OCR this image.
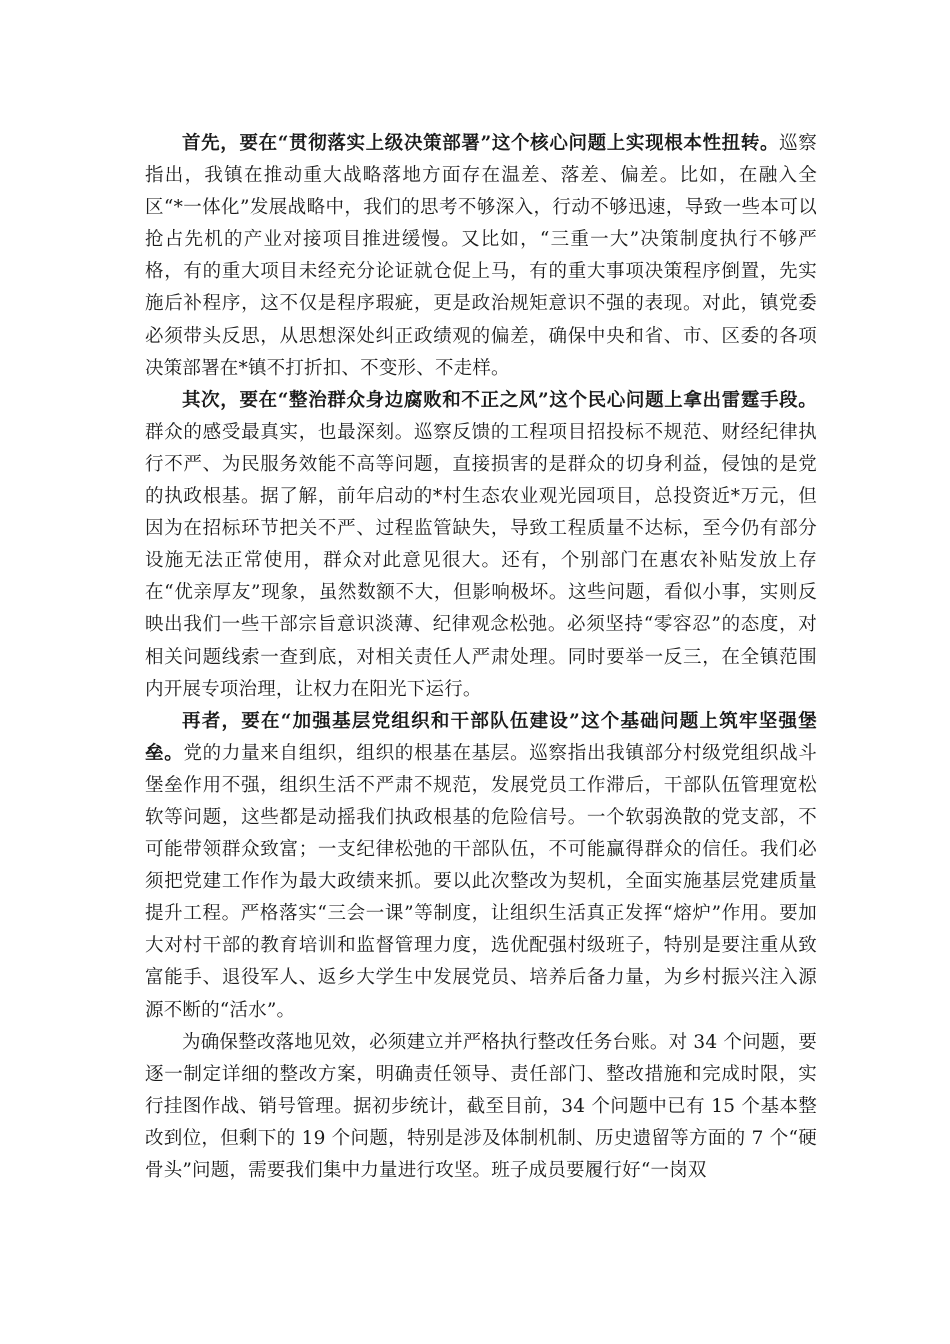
首先，要在“贯彻落实上级决策部署”这个核心问题上实现根本性扭转。巡察指出，我镇在推动重大战略落地方面存在温差、落差、偏差。比如，在融入全区“*一体化”发展战略中，我们的思考不够深入，行动不够迅速，导致一些本可以抢占先机的产业对接项目推进缓慢。又比如，“三重一大”决策制度执行不够严格，有的重大项目未经充分论证就仓促上马，有的重大事项决策程序倒置，先实施后补程序，这不仅是程序瑕疵，更是政治规矩意识不强的表现。对此，镇党委必须带头反思，从思想深处纠正政绩观的偏差，确保中央和省、市、区委的各项决策部署在*镇不打折扣、不变形、不走样。

其次，要在“整治群众身边腐败和不正之风”这个民心问题上拿出雷霆手段。群众的感受最真实，也最深刻。巡察反馈的工程项目招投标不规范、财经纪律执行不严、为民服务效能不高等问题，直接损害的是群众的切身利益，侵蚀的是党的执政根基。据了解，前年启动的*村生态农业观光园项目，总投资近*万元，但因为在招标环节把关不严、过程监管缺失，导致工程质量不达标，至今仍有部分设施无法正常使用，群众对此意见很大。还有，个别部门在惠农补贴发放上存在“优亲厚友”现象，虽然数额不大，但影响极坏。这些问题，看似小事，实则反映出我们一些干部宗旨意识淡薄、纪律观念松弛。必须坚持“零容忍”的态度，对相关问题线索一查到底，对相关责任人严肃处理。同时要举一反三，在全镇范围内开展专项治理，让权力在阳光下运行。

再者，要在“加强基层党组织和干部队伍建设”这个基础问题上筑牢坚强堡垒。党的力量来自组织，组织的根基在基层。巡察指出我镇部分村级党组织战斗堡垒作用不强，组织生活不严肃不规范，发展党员工作滞后，干部队伍管理宽松软等问题，这些都是动摇我们执政根基的危险信号。一个软弱涣散的党支部，不可能带领群众致富；一支纪律松弛的干部队伍，不可能赢得群众的信任。我们必须把党建工作作为最大政绩来抓。要以此次整改为契机，全面实施基层党建质量提升工程。严格落实“三会一课”等制度，让组织生活真正发挥“熔炉”作用。要加大对村干部的教育培训和监督管理力度，选优配强村级班子，特别是要注重从致富能手、退役军人、返乡大学生中发展党员、培养后备力量，为乡村振兴注入源源不断的“活水”。

为确保整改落地见效，必须建立并严格执行整改任务台账。对 34 个问题，要逐一制定详细的整改方案，明确责任领导、责任部门、整改措施和完成时限，实行挂图作战、销号管理。据初步统计，截至目前，34 个问题中已有 15 个基本整改到位，但剩下的 19 个问题，特别是涉及体制机制、历史遗留等方面的 7 个“硬骨头”问题，需要我们集中力量进行攻坚。班子成员要履行好“一岗双
